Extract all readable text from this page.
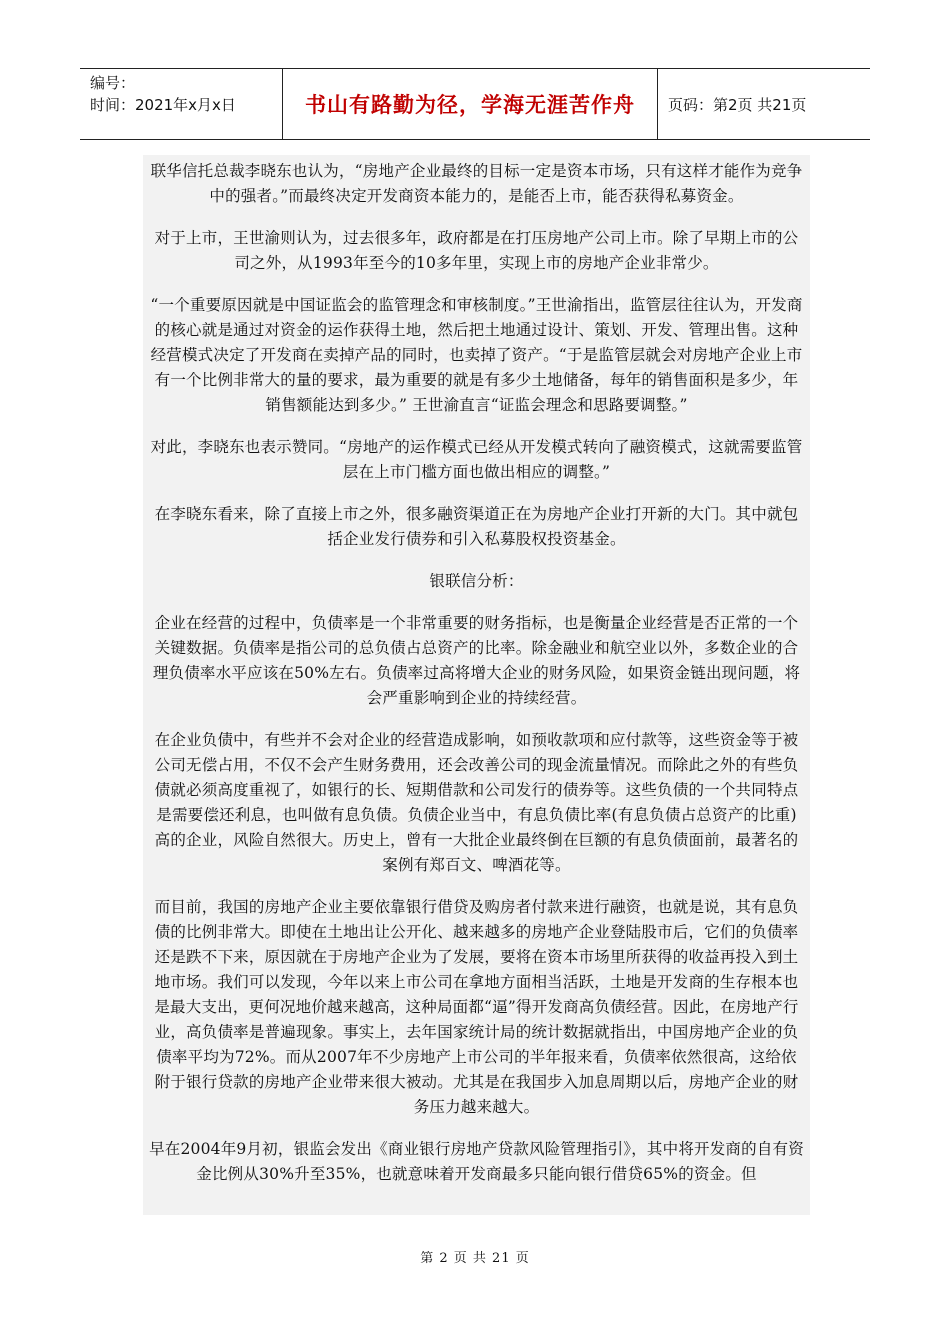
编号：
时间：2021年x月x日	书山有路勤为径，学海无涯苦作舟	页码：第2页 共21页

联华信托总裁李晓东也认为，“房地产企业最终的目标一定是资本市场，只有这样才能作为竞争中的强者。”而最终决定开发商资本能力的，是能否上市，能否获得私募资金。

对于上市，王世渝则认为，过去很多年，政府都是在打压房地产公司上市。除了早期上市的公司之外，从1993年至今的10多年里，实现上市的房地产企业非常少。

“一个重要原因就是中国证监会的监管理念和审核制度。”王世渝指出，监管层往往认为，开发商的核心就是通过对资金的运作获得土地，然后把土地通过设计、策划、开发、管理出售。这种经营模式决定了开发商在卖掉产品的同时，也卖掉了资产。“于是监管层就会对房地产企业上市有一个比例非常大的量的要求，最为重要的就是有多少土地储备，每年的销售面积是多少，年销售额能达到多少。” 王世渝直言“证监会理念和思路要调整。”

对此，李晓东也表示赞同。“房地产的运作模式已经从开发模式转向了融资模式，这就需要监管层在上市门槛方面也做出相应的调整。”

在李晓东看来，除了直接上市之外，很多融资渠道正在为房地产企业打开新的大门。其中就包括企业发行债券和引入私募股权投资基金。

银联信分析：

企业在经营的过程中，负债率是一个非常重要的财务指标，也是衡量企业经营是否正常的一个关键数据。负债率是指公司的总负债占总资产的比率。除金融业和航空业以外，多数企业的合理负债率水平应该在50%左右。负债率过高将增大企业的财务风险，如果资金链出现问题，将会严重影响到企业的持续经营。

在企业负债中，有些并不会对企业的经营造成影响，如预收款项和应付款等，这些资金等于被公司无偿占用，不仅不会产生财务费用，还会改善公司的现金流量情况。而除此之外的有些负债就必须高度重视了，如银行的长、短期借款和公司发行的债券等。这些负债的一个共同特点是需要偿还利息，也叫做有息负债。负债企业当中，有息负债比率(有息负债占总资产的比重)高的企业，风险自然很大。历史上，曾有一大批企业最终倒在巨额的有息负债面前，最著名的案例有郑百文、啤酒花等。

而目前，我国的房地产企业主要依靠银行借贷及购房者付款来进行融资，也就是说，其有息负债的比例非常大。即使在土地出让公开化、越来越多的房地产企业登陆股市后，它们的负债率还是跌不下来，原因就在于房地产企业为了发展，要将在资本市场里所获得的收益再投入到土地市场。我们可以发现，今年以来上市公司在拿地方面相当活跃，土地是开发商的生存根本也是最大支出，更何况地价越来越高，这种局面都“逼”得开发商高负债经营。因此，在房地产行业，高负债率是普遍现象。事实上，去年国家统计局的统计数据就指出，中国房地产企业的负债率平均为72%。而从2007年不少房地产上市公司的半年报来看，负债率依然很高，这给依附于银行贷款的房地产企业带来很大被动。尤其是在我国步入加息周期以后，房地产企业的财务压力越来越大。

早在2004年9月初，银监会发出《商业银行房地产贷款风险管理指引》，其中将开发商的自有资金比例从30%升至35%，也就意味着开发商最多只能向银行借贷65%的资金。但

第 2 页 共 21 页
